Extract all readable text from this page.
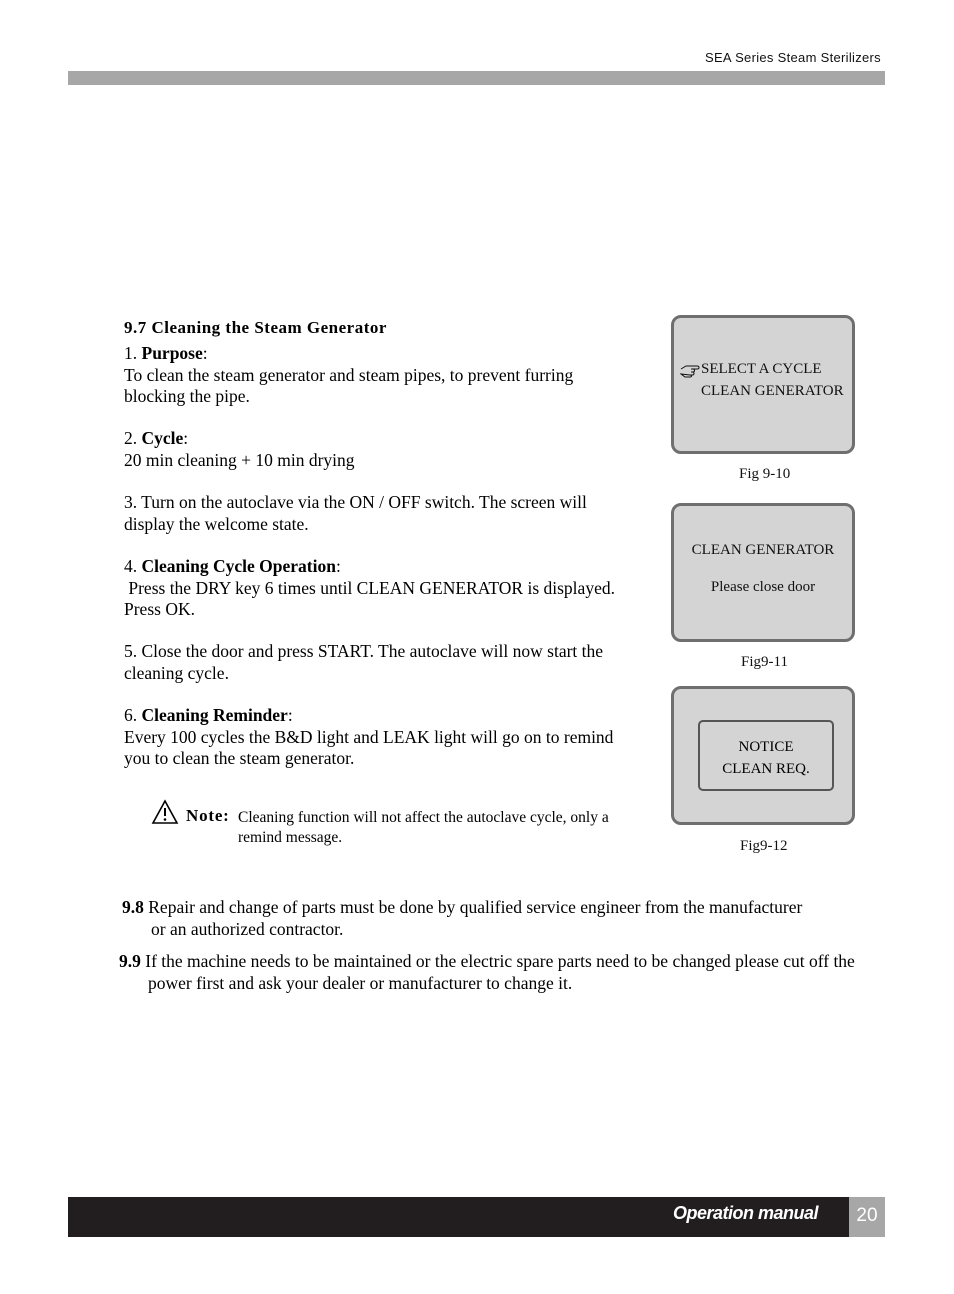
SEA Series Steam Sterilizers
9.7 Cleaning the Steam Generator
1. Purpose:
To clean the steam generator and steam pipes, to prevent furring blocking the pipe.
2. Cycle:
20 min cleaning + 10 min drying
3. Turn on the autoclave via the ON / OFF switch. The screen will display the welcome state.
4. Cleaning Cycle Operation:
Press the DRY key 6 times until CLEAN GENERATOR is displayed. Press OK.
5. Close the door and press START. The autoclave will now start the cleaning cycle.
6. Cleaning Reminder:
Every 100 cycles the B&D light and LEAK light will go on to remind you to clean the steam generator.
Note: Cleaning function will not affect the autoclave cycle, only a remind message.
SELECT A CYCLE
CLEAN GENERATOR
Fig 9-10
CLEAN GENERATOR
Please close door
Fig9-11
NOTICE
CLEAN REQ.
Fig9-12
9.8 Repair and change of parts must be done by qualified service engineer from the manufacturer or an authorized contractor.
9.9 If the machine needs to be maintained or the electric spare parts need to be changed please cut off the power first and ask your dealer or manufacturer to change it.
Operation manual	20
